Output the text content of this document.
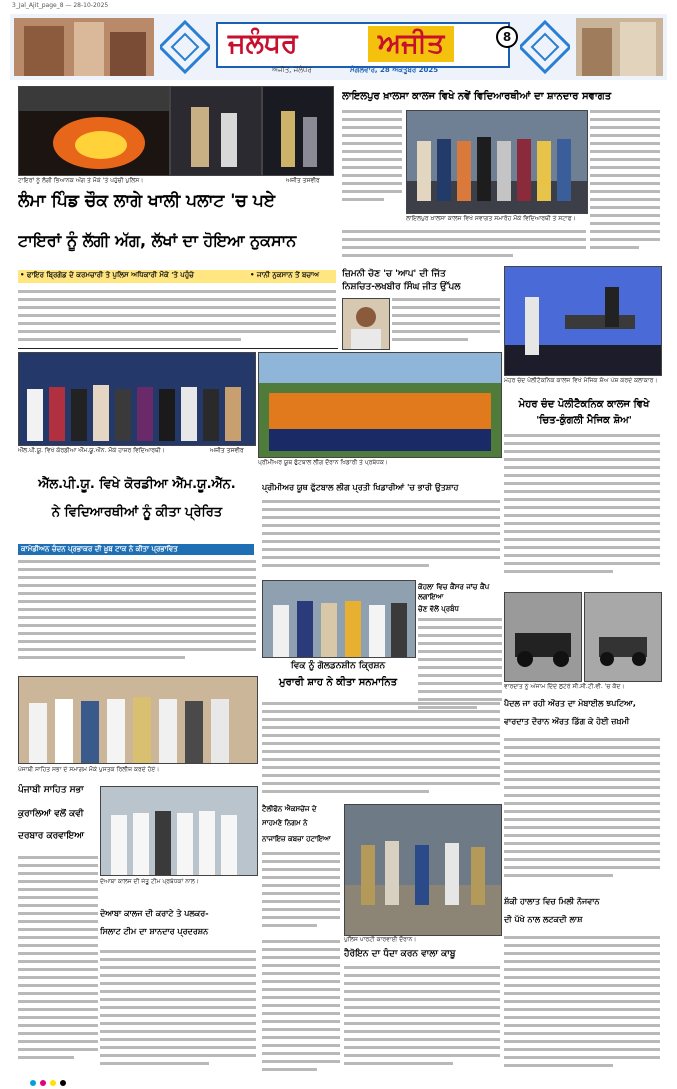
3_Jal_Ajit_page_8 — 28-10-2025
ਜਲੰਧਰ	ਅਜੀਤ
ਅਜੀਤ, ਜਲੰਧਰ	ਮੰਗਲਵਾਰ, 28 ਅਕਤੂਬਰ 2025
8
ਟਾਇਰਾਂ ਨੂੰ ਲੱਗੀ ਭਿਆਨਕ ਅੱਗ ਤੇ ਮੌਕੇ 'ਤੇ ਪਹੁੰਚੀ ਪੁਲਿਸ।	ਅਜੀਤ ਤਸਵੀਰ
ਲੰਮਾ ਪਿੰਡ ਚੌਕ ਲਾਗੇ ਖਾਲੀ ਪਲਾਟ 'ਚ ਪਏ
ਟਾਇਰਾਂ ਨੂੰ ਲੱਗੀ ਅੱਗ, ਲੱਖਾਂ ਦਾ ਹੋਇਆ ਨੁਕਸਾਨ
• ਫਾਇਰ ਬ੍ਰਿਗੇਡ ਦੇ ਕਰਮਚਾਰੀ ਤੇ ਪੁਲਿਸ ਅਧਿਕਾਰੀ ਮੌਕੇ 'ਤੇ ਪਹੁੰਚੇ	• ਜਾਨੀ ਨੁਕਸਾਨ ਤੋਂ ਬਚਾਅ
ਲਾਇਲਪੁਰ ਖ਼ਾਲਸਾ ਕਾਲਜ ਵਿਖੇ ਨਵੇਂ ਵਿਦਿਆਰਥੀਆਂ ਦਾ ਸ਼ਾਨਦਾਰ ਸਵਾਗਤ
ਲਾਇਲਪੁਰ ਖ਼ਾਲਸਾ ਕਾਲਜ ਵਿਖੇ ਸਵਾਗਤ ਸਮਾਰੋਹ ਮੌਕੇ ਵਿਦਿਆਰਥੀ ਤੇ ਸਟਾਫ।
ਜ਼ਿਮਨੀ ਚੋਣ 'ਚ 'ਆਪ' ਦੀ ਜਿੱਤ
ਨਿਸ਼ਚਿਤ-ਲਖਬੀਰ ਸਿੰਘ ਜੀਤ ਉੱਪਲ
ਐੱਲ.ਪੀ.ਯੂ. ਵਿਖੇ ਕੋਰਡੀਆ ਐੱਮ.ਯੂ.ਐੱਨ. ਮੌਕੇ ਹਾਜ਼ਰ ਵਿਦਿਆਰਥੀ।	ਅਜੀਤ ਤਸਵੀਰ
ਪ੍ਰੀਮੀਅਰ ਯੂਥ ਫੁੱਟਬਾਲ ਲੀਗ ਦੌਰਾਨ ਖਿਡਾਰੀ ਤੇ ਪ੍ਰਬੰਧਕ।
ਮੇਹਰ ਚੰਦ ਪੋਲੀਟੈਕਨਿਕ ਕਾਲਜ ਵਿਖੇ ਮੈਜਿਕ ਸ਼ੋਅ ਪੇਸ਼ ਕਰਦੇ ਕਲਾਕਾਰ।
ਮੇਹਰ ਚੰਦ ਪੋਲੀਟੈਕਨਿਕ ਕਾਲਜ ਵਿਖੇ
'ਚਿਤ-ਕੁੰਗਲੀ ਮੈਜਿਕ ਸ਼ੋਅ'
ਐੱਲ.ਪੀ.ਯੂ. ਵਿਖੇ ਕੋਰਡੀਆ ਐੱਮ.ਯੂ.ਐੱਨ.
ਨੇ ਵਿਦਿਆਰਥੀਆਂ ਨੂੰ ਕੀਤਾ ਪ੍ਰੇਰਿਤ
ਕਾਮੇਡੀਅਨ ਚੰਦਨ ਪ੍ਰਭਾਕਰ ਦੀ ਖ਼ੂਬ ਟਾਕ ਨੇ ਕੀਤਾ ਪ੍ਰਭਾਵਿਤ
ਪ੍ਰੀਮੀਅਰ ਯੂਥ ਫੁੱਟਬਾਲ ਲੀਗ ਪ੍ਰਤੀ ਖਿਡਾਰੀਆਂ 'ਚ ਭਾਰੀ ਉਤਸ਼ਾਹ
ਕੋਹਲਾ ਵਿਚ ਕੈਂਸਰ ਜਾਂਚ ਕੈਂਪ ਲਗਾਇਆ
ਚੋਣ ਵੱਲੋਂ ਪ੍ਰਬੰਧ
ਵਿਕ ਨੂੰ ਗੋਲਡਨਸ਼ੀਨ ਕ੍ਰਿਸ਼ਨ
ਮੁਰਾਰੀ ਸ਼ਾਹ ਨੇ ਕੀਤਾ ਸਨਮਾਨਿਤ	ਵਾਰਦਾਤ ਨੂੰ ਅੰਜਾਮ ਦਿੰਦੇ ਲੁਟੇਰੇ ਸੀ.ਸੀ.ਟੀ.ਵੀ. 'ਚ ਕੈਦ।
ਪੈਦਲ ਜਾ ਰਹੀ ਔਰਤ ਦਾ ਮੋਬਾਈਲ ਝਪਟਿਆ,
ਵਾਰਦਾਤ ਦੌਰਾਨ ਔਰਤ ਡਿੱਗ ਕੇ ਹੋਈ ਜ਼ਖ਼ਮੀ
ਪੰਜਾਬੀ ਸਾਹਿਤ ਸਭਾ ਦੇ ਸਮਾਗਮ ਮੌਕੇ ਪੁਸਤਕ ਰਿਲੀਜ਼ ਕਰਦੇ ਹੋਏ।
ਪੰਜਾਬੀ ਸਾਹਿਤ ਸਭਾ
ਕੁਰਾਲਿਆਂ ਵਲੋਂ ਕਵੀ
ਦਰਬਾਰ ਕਰਵਾਇਆ
ਦੋਆਬਾ ਕਾਲਜ ਦੀ ਜੇਤੂ ਟੀਮ ਪ੍ਰਬੰਧਕਾਂ ਨਾਲ।
ਦੋਆਬਾ ਕਾਲਜ ਦੀ ਕਰਾਟੇ ਤੇ ਪਲਕਰ-
ਸਿਲਾਟ ਟੀਮ ਦਾ ਸ਼ਾਨਦਾਰ ਪ੍ਰਦਰਸ਼ਨ
ਟੈਲੀਫੋਨ ਐਕਸਚੇਂਜ ਦੇ
ਸਾਹਮਣੇ ਨਿਗਮ ਨੇ
ਨਾਜਾਇਜ਼ ਕਬਜ਼ਾ ਹਟਾਇਆ
ਪੁਲਿਸ ਪਾਰਟੀ ਕਾਰਵਾਈ ਦੌਰਾਨ।
ਹੈਰੋਇਨ ਦਾ ਧੰਦਾ ਕਰਨ ਵਾਲਾ ਕਾਬੂ
ਸ਼ੱਕੀ ਹਾਲਾਤ ਵਿਚ ਮਿਲੀ ਨੌਜਵਾਨ
ਦੀ ਪੱਖੇ ਨਾਲ ਲਟਕਦੀ ਲਾਸ਼
